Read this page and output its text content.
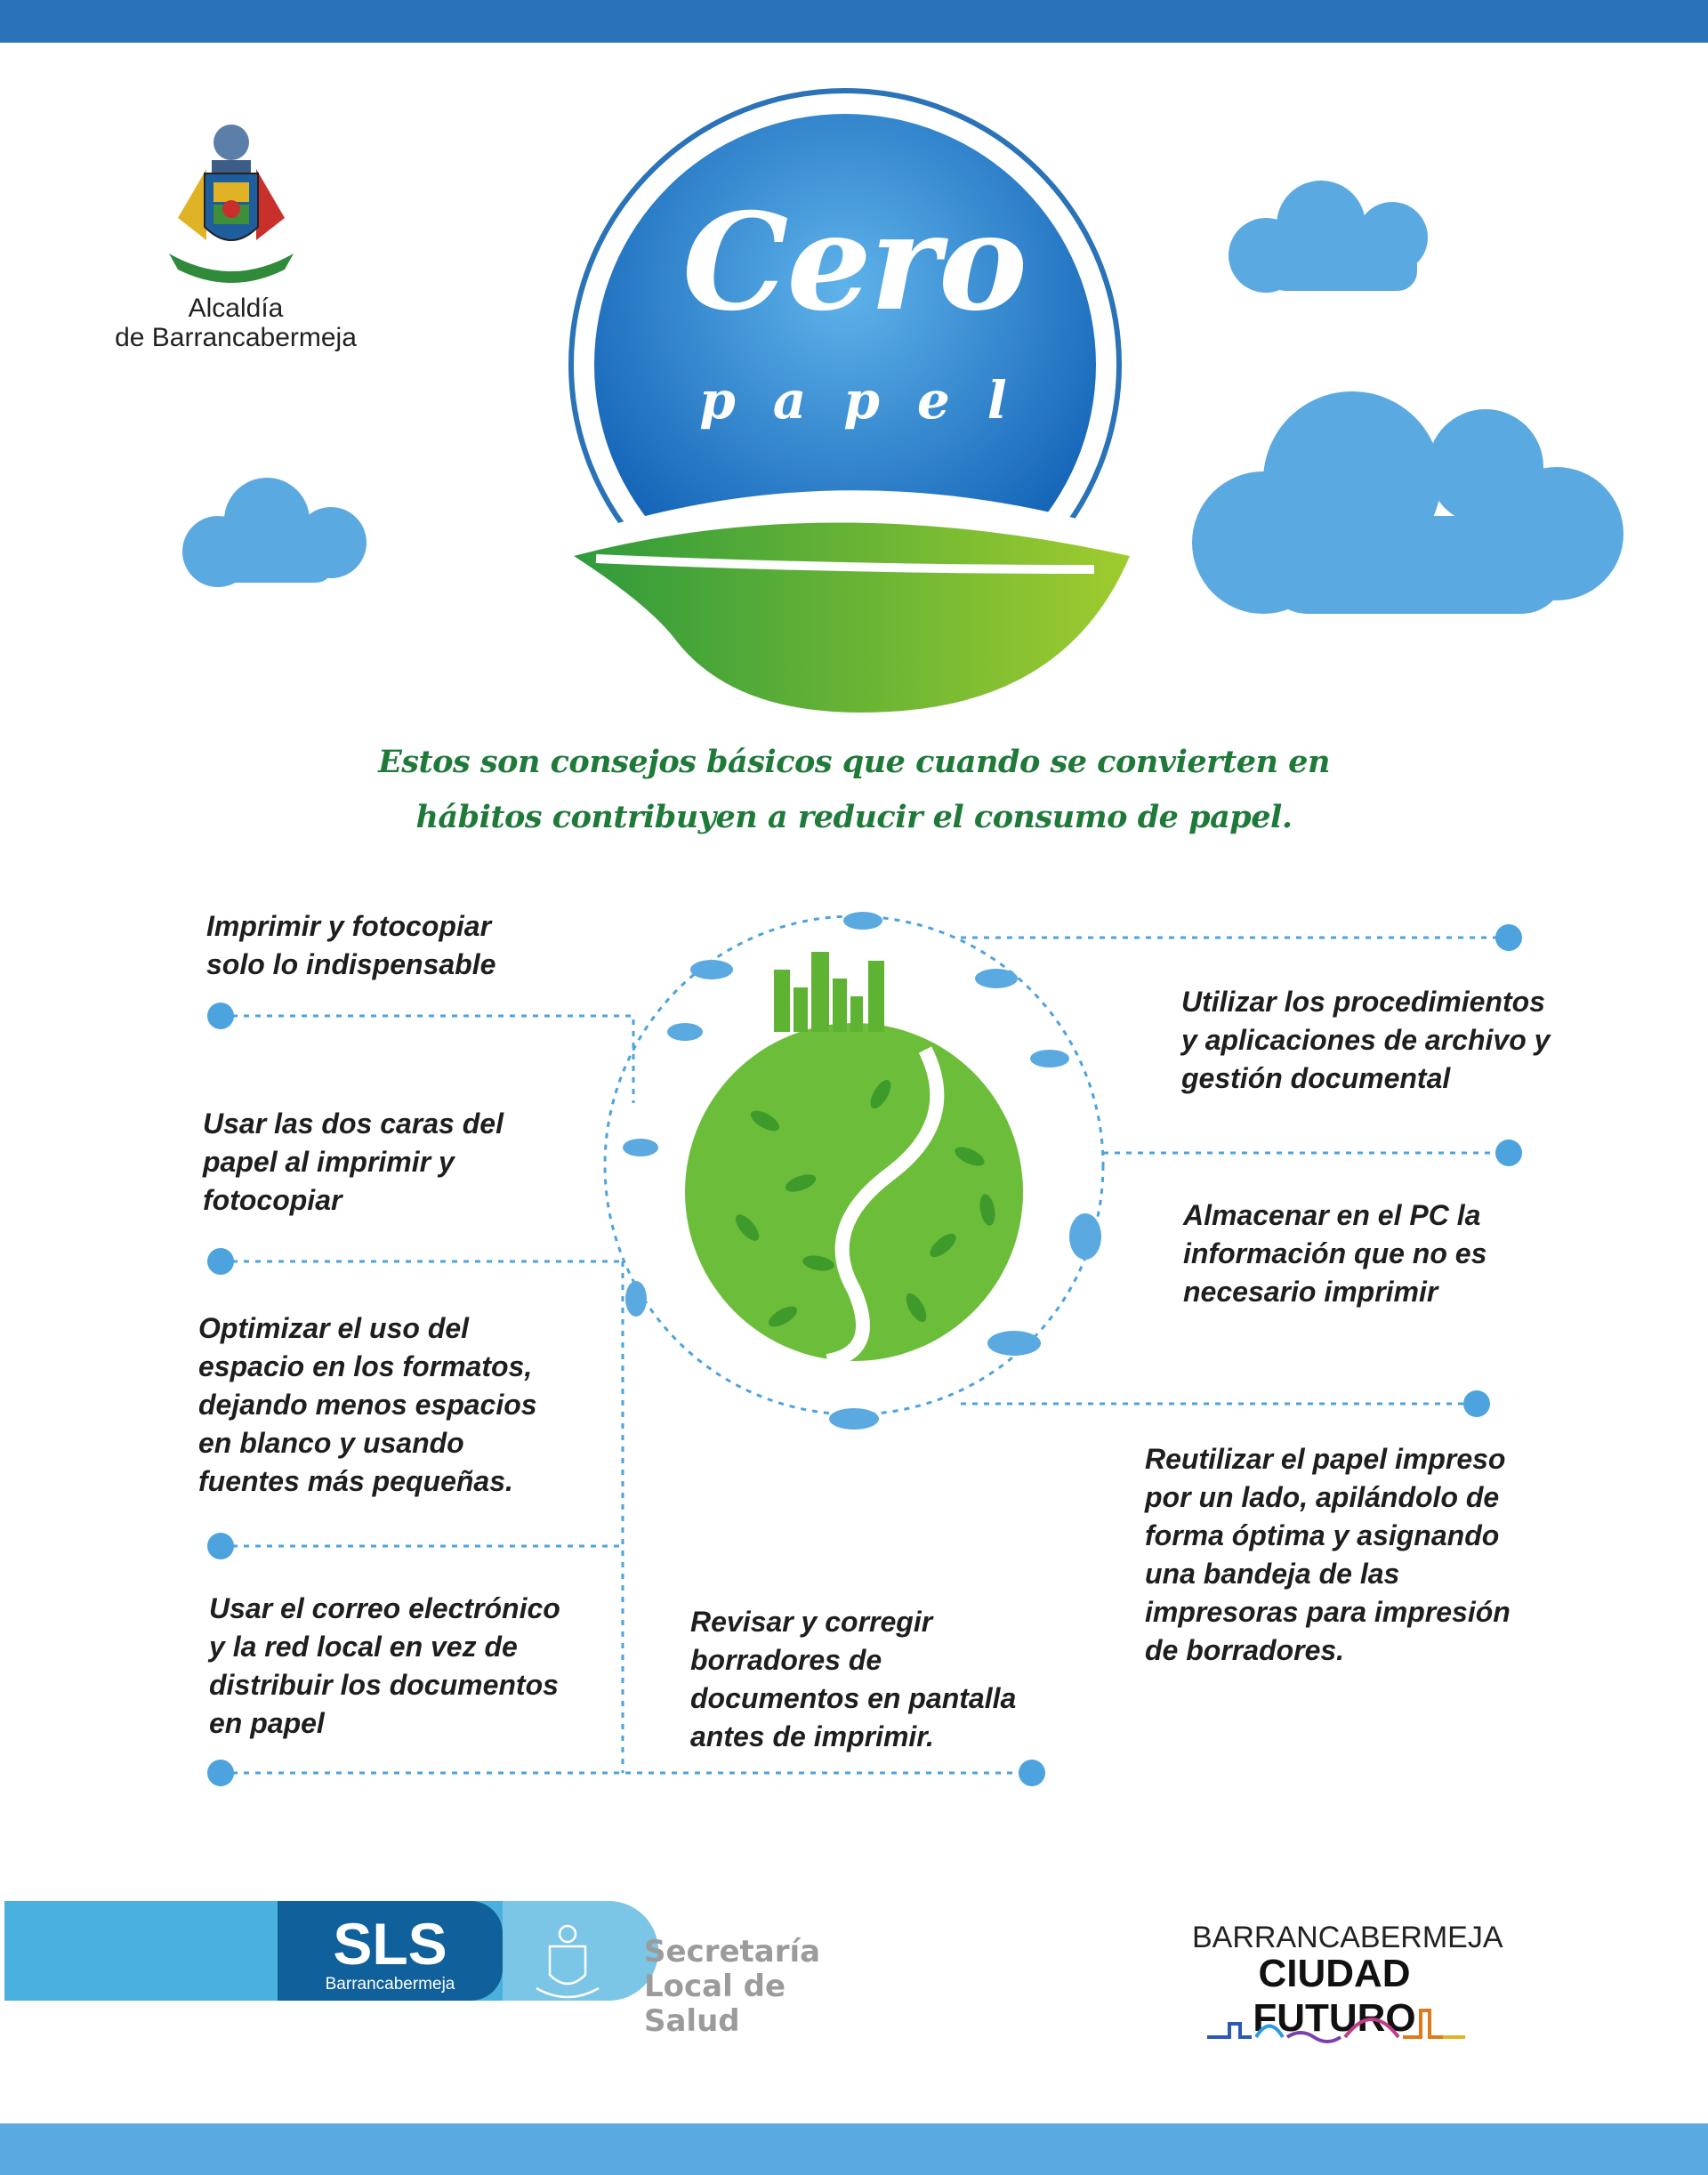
Alcaldía
de Barrancabermeja	Cero
papel
Estos son consejos básicos que cuando se convierten en
hábitos contribuyen a reducir el consumo de papel.
Imprimir y fotocopiar
solo lo indispensable
Usar las dos caras del
papel al imprimir y
fotocopiar
Optimizar el uso del
espacio en los formatos,
dejando menos espacios
en blanco y usando
fuentes más pequeñas.
Usar el correo electrónico
y la red local en vez de
distribuir los documentos
en papel
Revisar y corregir
borradores de
documentos en pantalla
antes de imprimir.
Utilizar los procedimientos
y aplicaciones de archivo y
gestión documental
Almacenar en el PC la
información que no es
necesario imprimir
Reutilizar el papel impreso
por un lado, apilándolo de
forma óptima y asignando
una bandeja de las
impresoras para impresión
de borradores.
SLS
Barrancabermeja
Secretaría
Local de
Salud
BARRANCABERMEJA
CIUDAD FUTURO
